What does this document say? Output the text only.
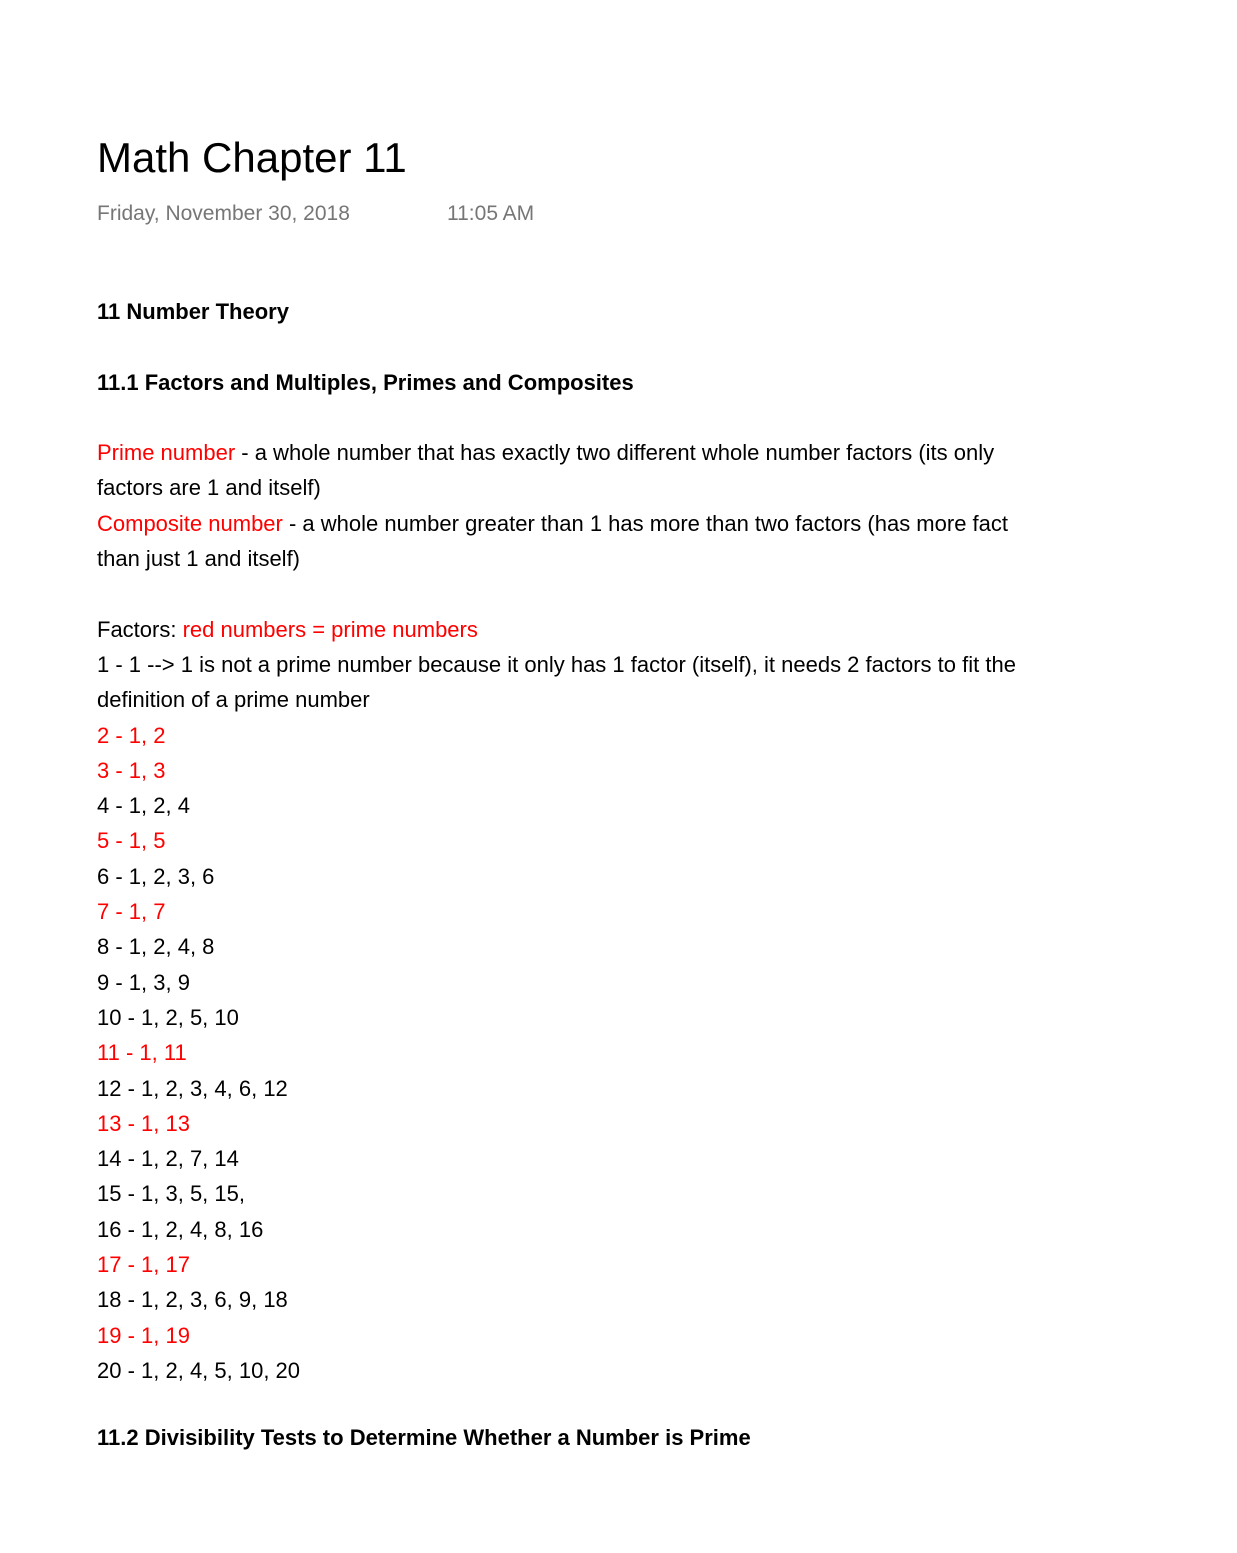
Math Chapter 11
Friday, November 30, 2018	11:05 AM
11 Number Theory
11.1 Factors and Multiples, Primes and Composites
Prime number - a whole number that has exactly two different whole number factors (its only
factors are 1 and itself)
Composite number - a whole number greater than 1 has more than two factors (has more fact
than just 1 and itself)
Factors: red numbers = prime numbers
1 - 1 --> 1 is not a prime number because it only has 1 factor (itself), it needs 2 factors to fit the
definition of a prime number
2 - 1, 2
3 - 1, 3
4 - 1, 2, 4
5 - 1, 5
6 - 1, 2, 3, 6
7 - 1, 7
8 - 1, 2, 4, 8
9 - 1, 3, 9
10 - 1, 2, 5, 10
11 - 1, 11
12 - 1, 2, 3, 4, 6, 12
13 - 1, 13
14 - 1, 2, 7, 14
15 - 1, 3, 5, 15,
16 - 1, 2, 4, 8, 16
17 - 1, 17
18 - 1, 2, 3, 6, 9, 18
19 - 1, 19
20 - 1, 2, 4, 5, 10, 20
11.2 Divisibility Tests to Determine Whether a Number is Prime
